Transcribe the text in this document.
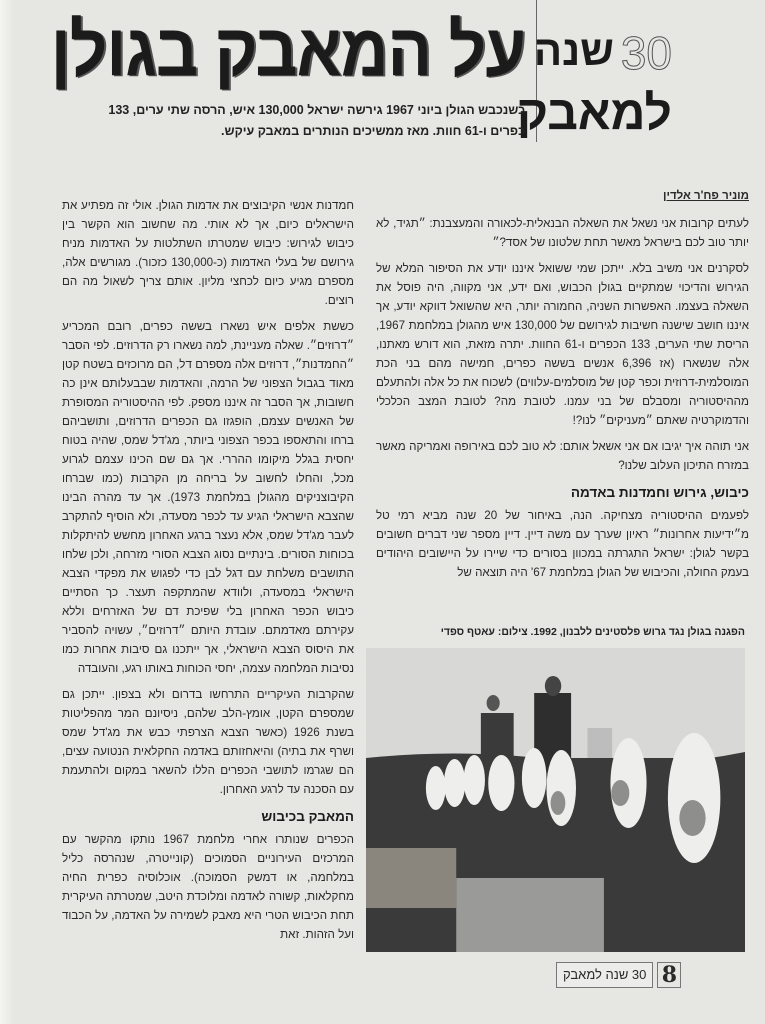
על המאבק בגולן 30
שנה
למאבק
כשנכבש הגולן ביוני 1967 גירשה ישראל 130,000 איש, הרסה שתי ערים, 133 כפרים ו-61 חוות. מאז ממשיכים הנותרים במאבק עיקש.
מוניר פח'ר אלדין

לעתים קרובות אני נשאל את השאלה הבנאלית-לכאורה והמעצבנת: ״תגיד, לא יותר טוב לכם בישראל מאשר תחת שלטונו של אסד?״

לסקרנים אני משיב בלא. ייתכן שמי ששואל איננו יודע את הסיפור המלא של הגירוש והדיכוי שמתקיים בגולן הכבוש, ואם ידע, אני מקווה, היה פוסל את השאלה בעצמו. האפשרות השניה, החמורה יותר, היא שהשואל דווקא יודע, אך איננו חושב שישנה חשיבות לגירושם של 130,000 איש מהגולן במלחמת 1967, הריסת שתי הערים, 133 הכפרים ו-61 החוות. יתרה מזאת, הוא דורש מאתנו, אלה שנשארו (אז 6,396 אנשים בששה כפרים, חמישה מהם בני הכת המוסלמית-דרוזית וכפר קטן של מוסלמים-עלווים) לשכוח את כל אלה ולהתעלם מההיסטוריה ומסבלם של בני עמנו. לטובת מה? לטובת המצב הכלכלי והדמוקרטיה שאתם ״מעניקים״ לנו?!

אני תוהה איך יגיבו אם אני אשאל אותם: לא טוב לכם באירופה ואמריקה מאשר במזרח התיכון העלוב שלנו?

כיבוש, גירוש וחמדנות באדמה

לפעמים ההיסטוריה מצחיקה. הנה, באיחור של 20 שנה מביא רמי טל מ״ידיעות אחרונות״ ראיון שערך עם משה דיין. דיין מספר שני דברים חשובים בקשר לגולן: ישראל התגרתה במכוון בסורים כדי שיירו על היישובים היהודים בעמק החולה, והכיבוש של הגולן במלחמת 67' היה תוצאה של

חמדנות אנשי הקיבוצים את אדמות הגולן. אולי זה מפתיע את הישראלים כיום, אך לא אותי. מה שחשוב הוא הקשר בין כיבוש לגירוש: כיבוש שמטרתו השתלטות על האדמות מניח גירושם של בעלי האדמות (כ-130,000 כזכור). מגורשים אלה, מספרם מגיע כיום לכחצי מליון. אותם צריך לשאול מה הם רוצים.

כששת אלפים איש נשארו בששה כפרים, רובם המכריע ״דרוזים״. שאלה מעניינת, למה נשארו רק הדרוזים. לפי הסבר ״החמדנות״, דרוזים אלה מספרם דל, הם מרוכזים בשטח קטן מאוד בגבול הצפוני של הרמה, והאדמות שבבעלותם אינן כה חשובות, אך הסבר זה איננו מספק. לפי ההיסטוריה המסופרת של האנשים עצמם, הופגזו גם הכפרים הדרוזים, ותושביהם ברחו והתאספו בכפר הצפוני ביותר, מג'דל שמס, שהיה בטוח יחסית בגלל מיקומו ההררי. אך גם שם הכינו עצמם לגרוע מכל, והחלו לחשוב על בריחה מן הקרבות (כמו שברחו הקיבוצניקים מהגולן במלחמת 1973). אך עד מהרה הבינו שהצבא הישראלי הגיע עד לכפר מסעדה, ולא הוסיף להתקרב לעבר מג'דל שמס, אלא נעצר ברגע האחרון מחשש להיתקלות בכוחות הסורים. בינתיים נסוג הצבא הסורי מזרחה, ולכן שלחו התושבים משלחת עם דגל לבן כדי לפגוש את מפקדי הצבא הישראלי במסעדה, ולוודא שהמתקפה תעצר. כך הסתיים כיבוש הכפר האחרון בלי שפיכת דם של האזרחים וללא עקירתם מאדמתם. עובדת היותם ״דרוזים״, עשויה להסביר את היסוס הצבא הישראלי, אך ייתכנו גם סיבות אחרות כמו נסיבות המלחמה עצמה, יחסי הכוחות באותו רגע, והעובדה

שהקרבות העיקריים התרחשו בדרום ולא בצפון. ייתכן גם שמספרם הקטן, אומץ-הלב שלהם, ניסיונם המר מהפליטות בשנת 1926 (כאשר הצבא הצרפתי כבש את מג'דל שמס ושרף את בתיה) והיאחזותם באדמה החקלאית הנטועה עצים, הם שגרמו לתושבי הכפרים הללו להשאר במקום ולהתעמת עם הסכנה עד לרגע האחרון.

המאבק בכיבוש

הכפרים שנותרו אחרי מלחמת 1967 נותקו מהקשר עם המרכזים העירוניים הסמוכים (קונייטרה, שנהרסה כליל במלחמה, או דמשק הסמוכה). אוכלוסיה כפרית החיה מחקלאות, קשורה לאדמה ומלוכדת היטב, שמטרתה העיקרית תחת הכיבוש הטרי היא מאבק לשמירה על האדמה, על הכבוד ועל הזהות. זאת

הפגנה בגולן נגד גרוש פלסטינים ללבנון, 1992. צילום: עאטף ספדי
30 שנה למאבק 8
